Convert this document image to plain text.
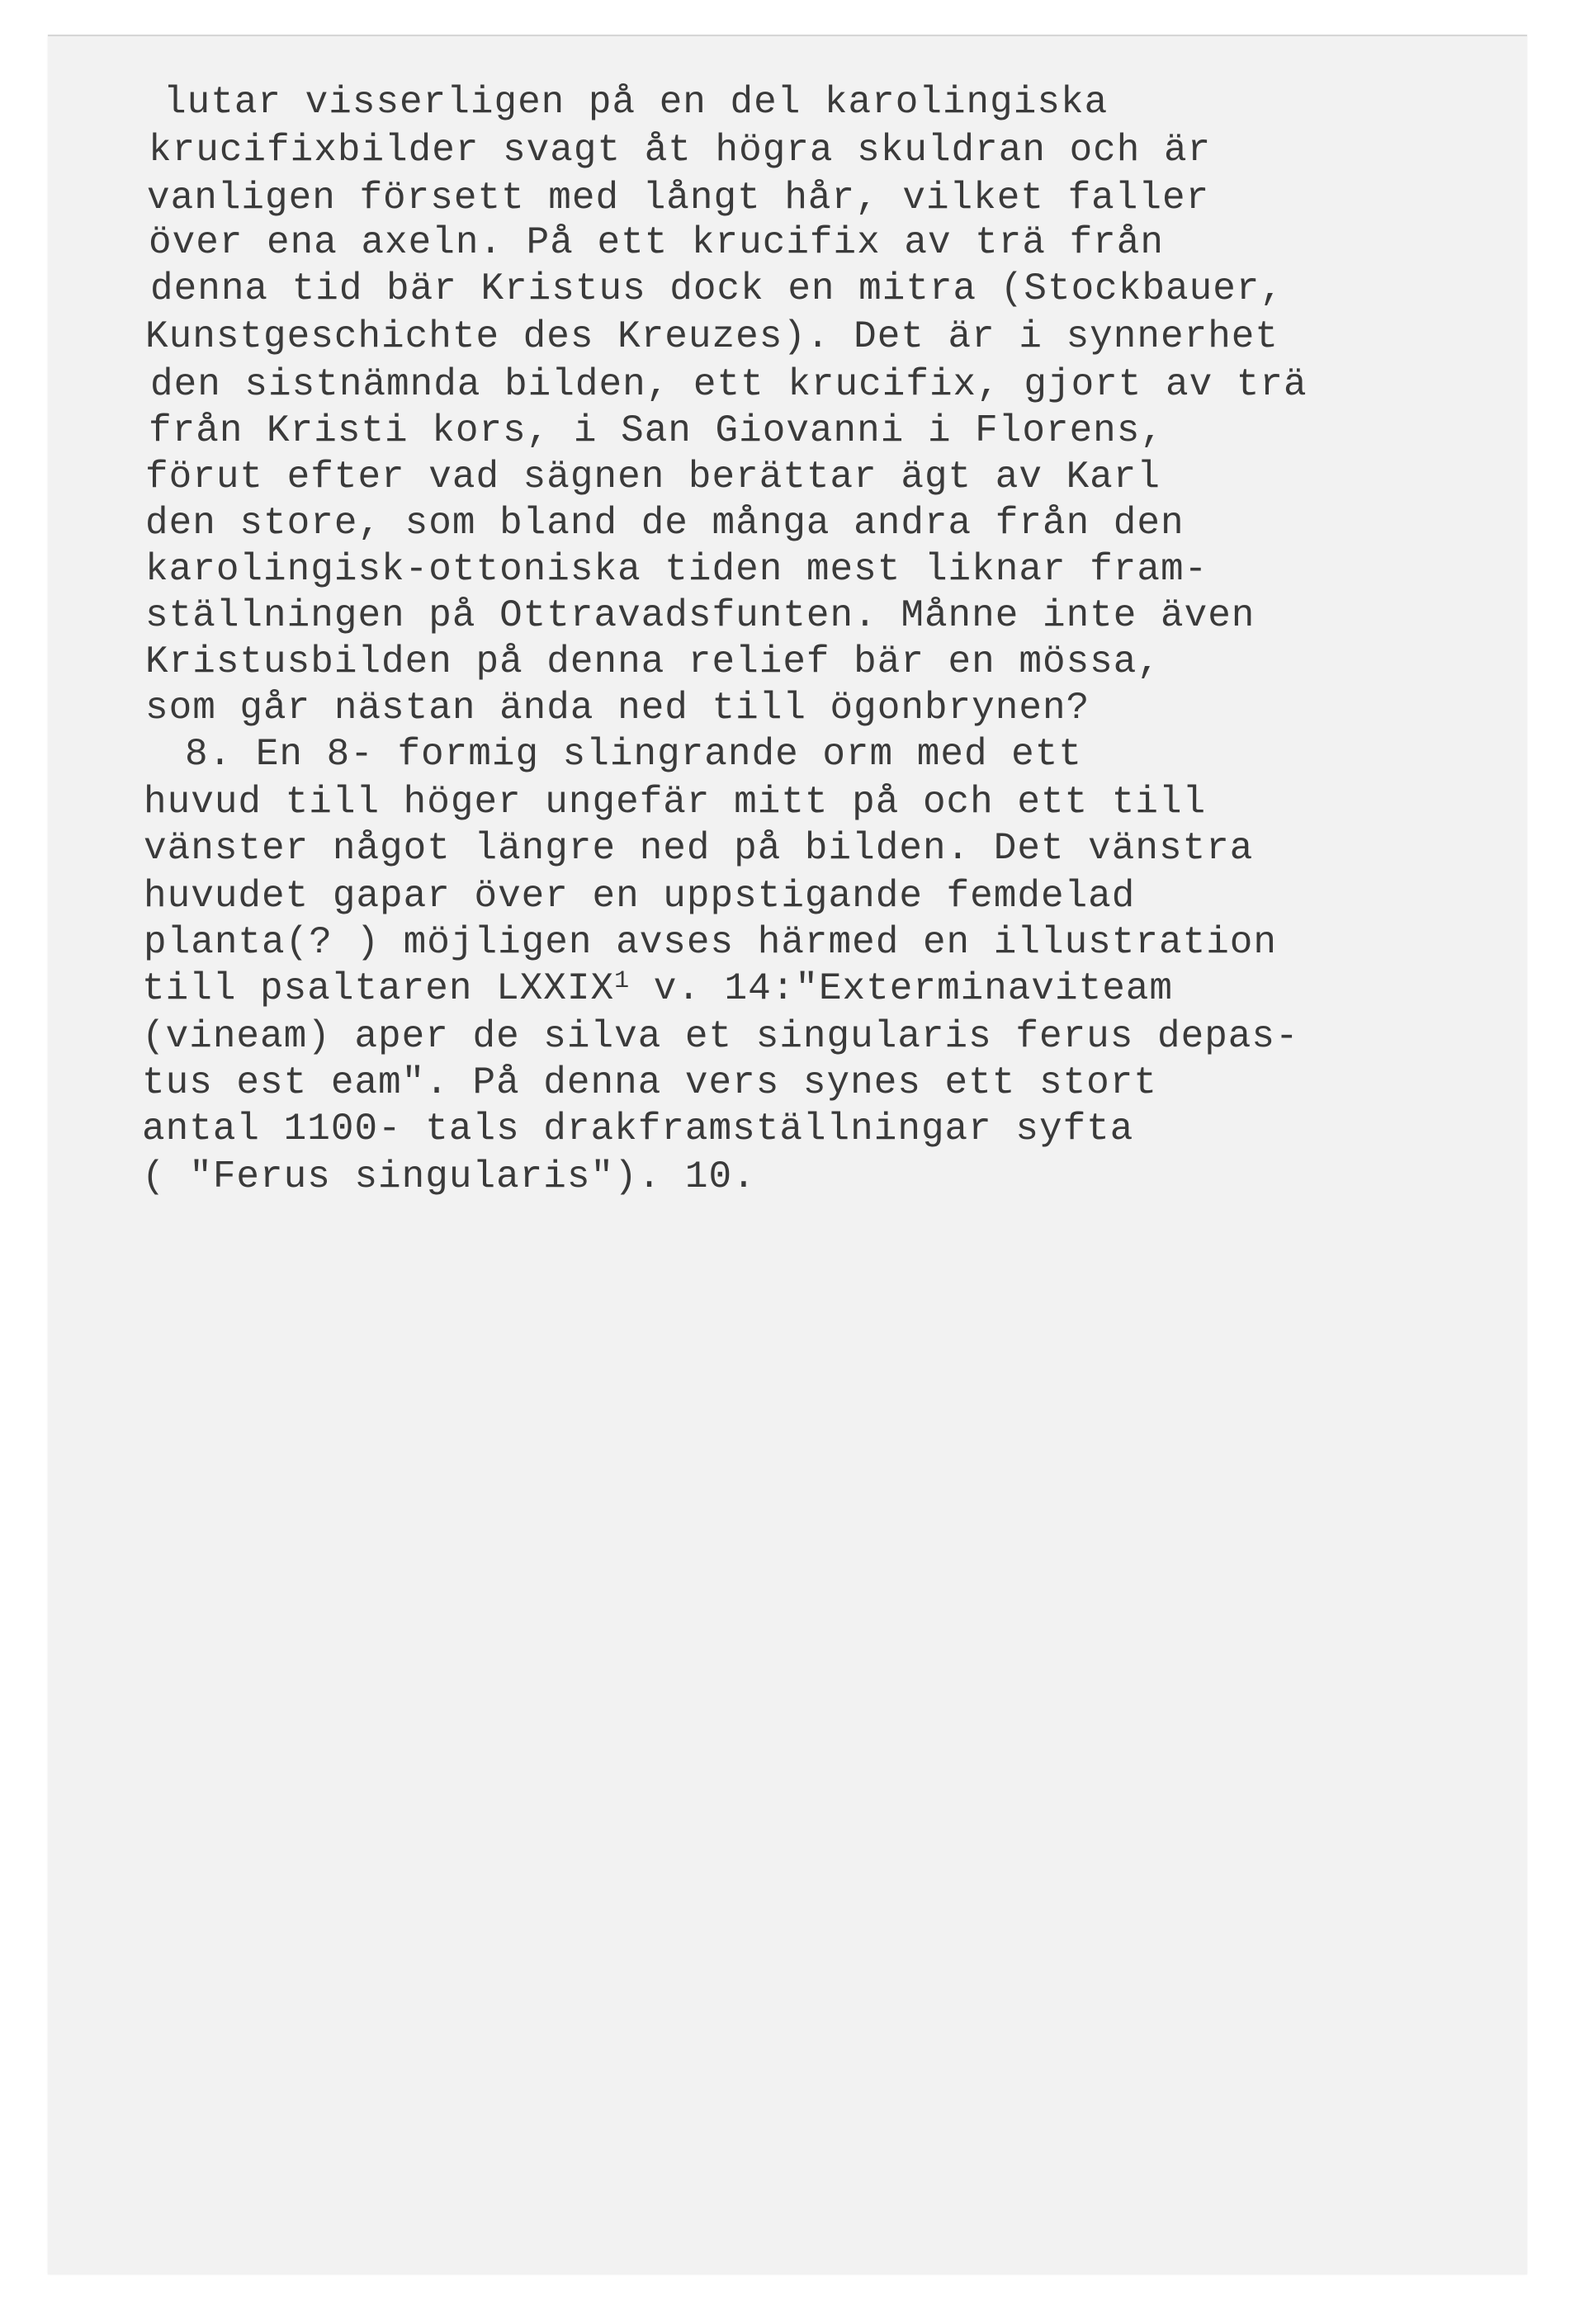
lutar visserligen på en del karolingiska
krucifixbilder svagt åt högra skuldran och är
vanligen försett med långt hår, vilket faller
över ena axeln. På ett krucifix av trä från
denna tid bär Kristus dock en mitra (Stockbauer,
Kunstgeschichte des Kreuzes). Det är i synnerhet
den sistnämnda bilden, ett krucifix, gjort av trä
från Kristi kors, i San Giovanni i Florens,
förut efter vad sägnen berättar ägt av Karl
den store, som bland de många andra från den
karolingisk-ottoniska tiden mest liknar fram-
ställningen på Ottravadsfunten. Månne inte även
Kristusbilden på denna relief bär en mössa,
som går nästan ända ned till ögonbrynen?
8. En 8- formig slingrande orm med ett
huvud till höger ungefär mitt på och ett till
vänster något längre ned på bilden. Det vänstra
huvudet gapar över en uppstigande femdelad
planta(? ) möjligen avses härmed en illustration
till psaltaren LXXIX$^1$ v. 14:"Exterminaviteam
(vineam) aper de silva et singularis ferus depas-
tus est eam". På denna vers synes ett stort
antal 1100- tals drakframställningar syfta
( "Ferus singularis"). 10.
